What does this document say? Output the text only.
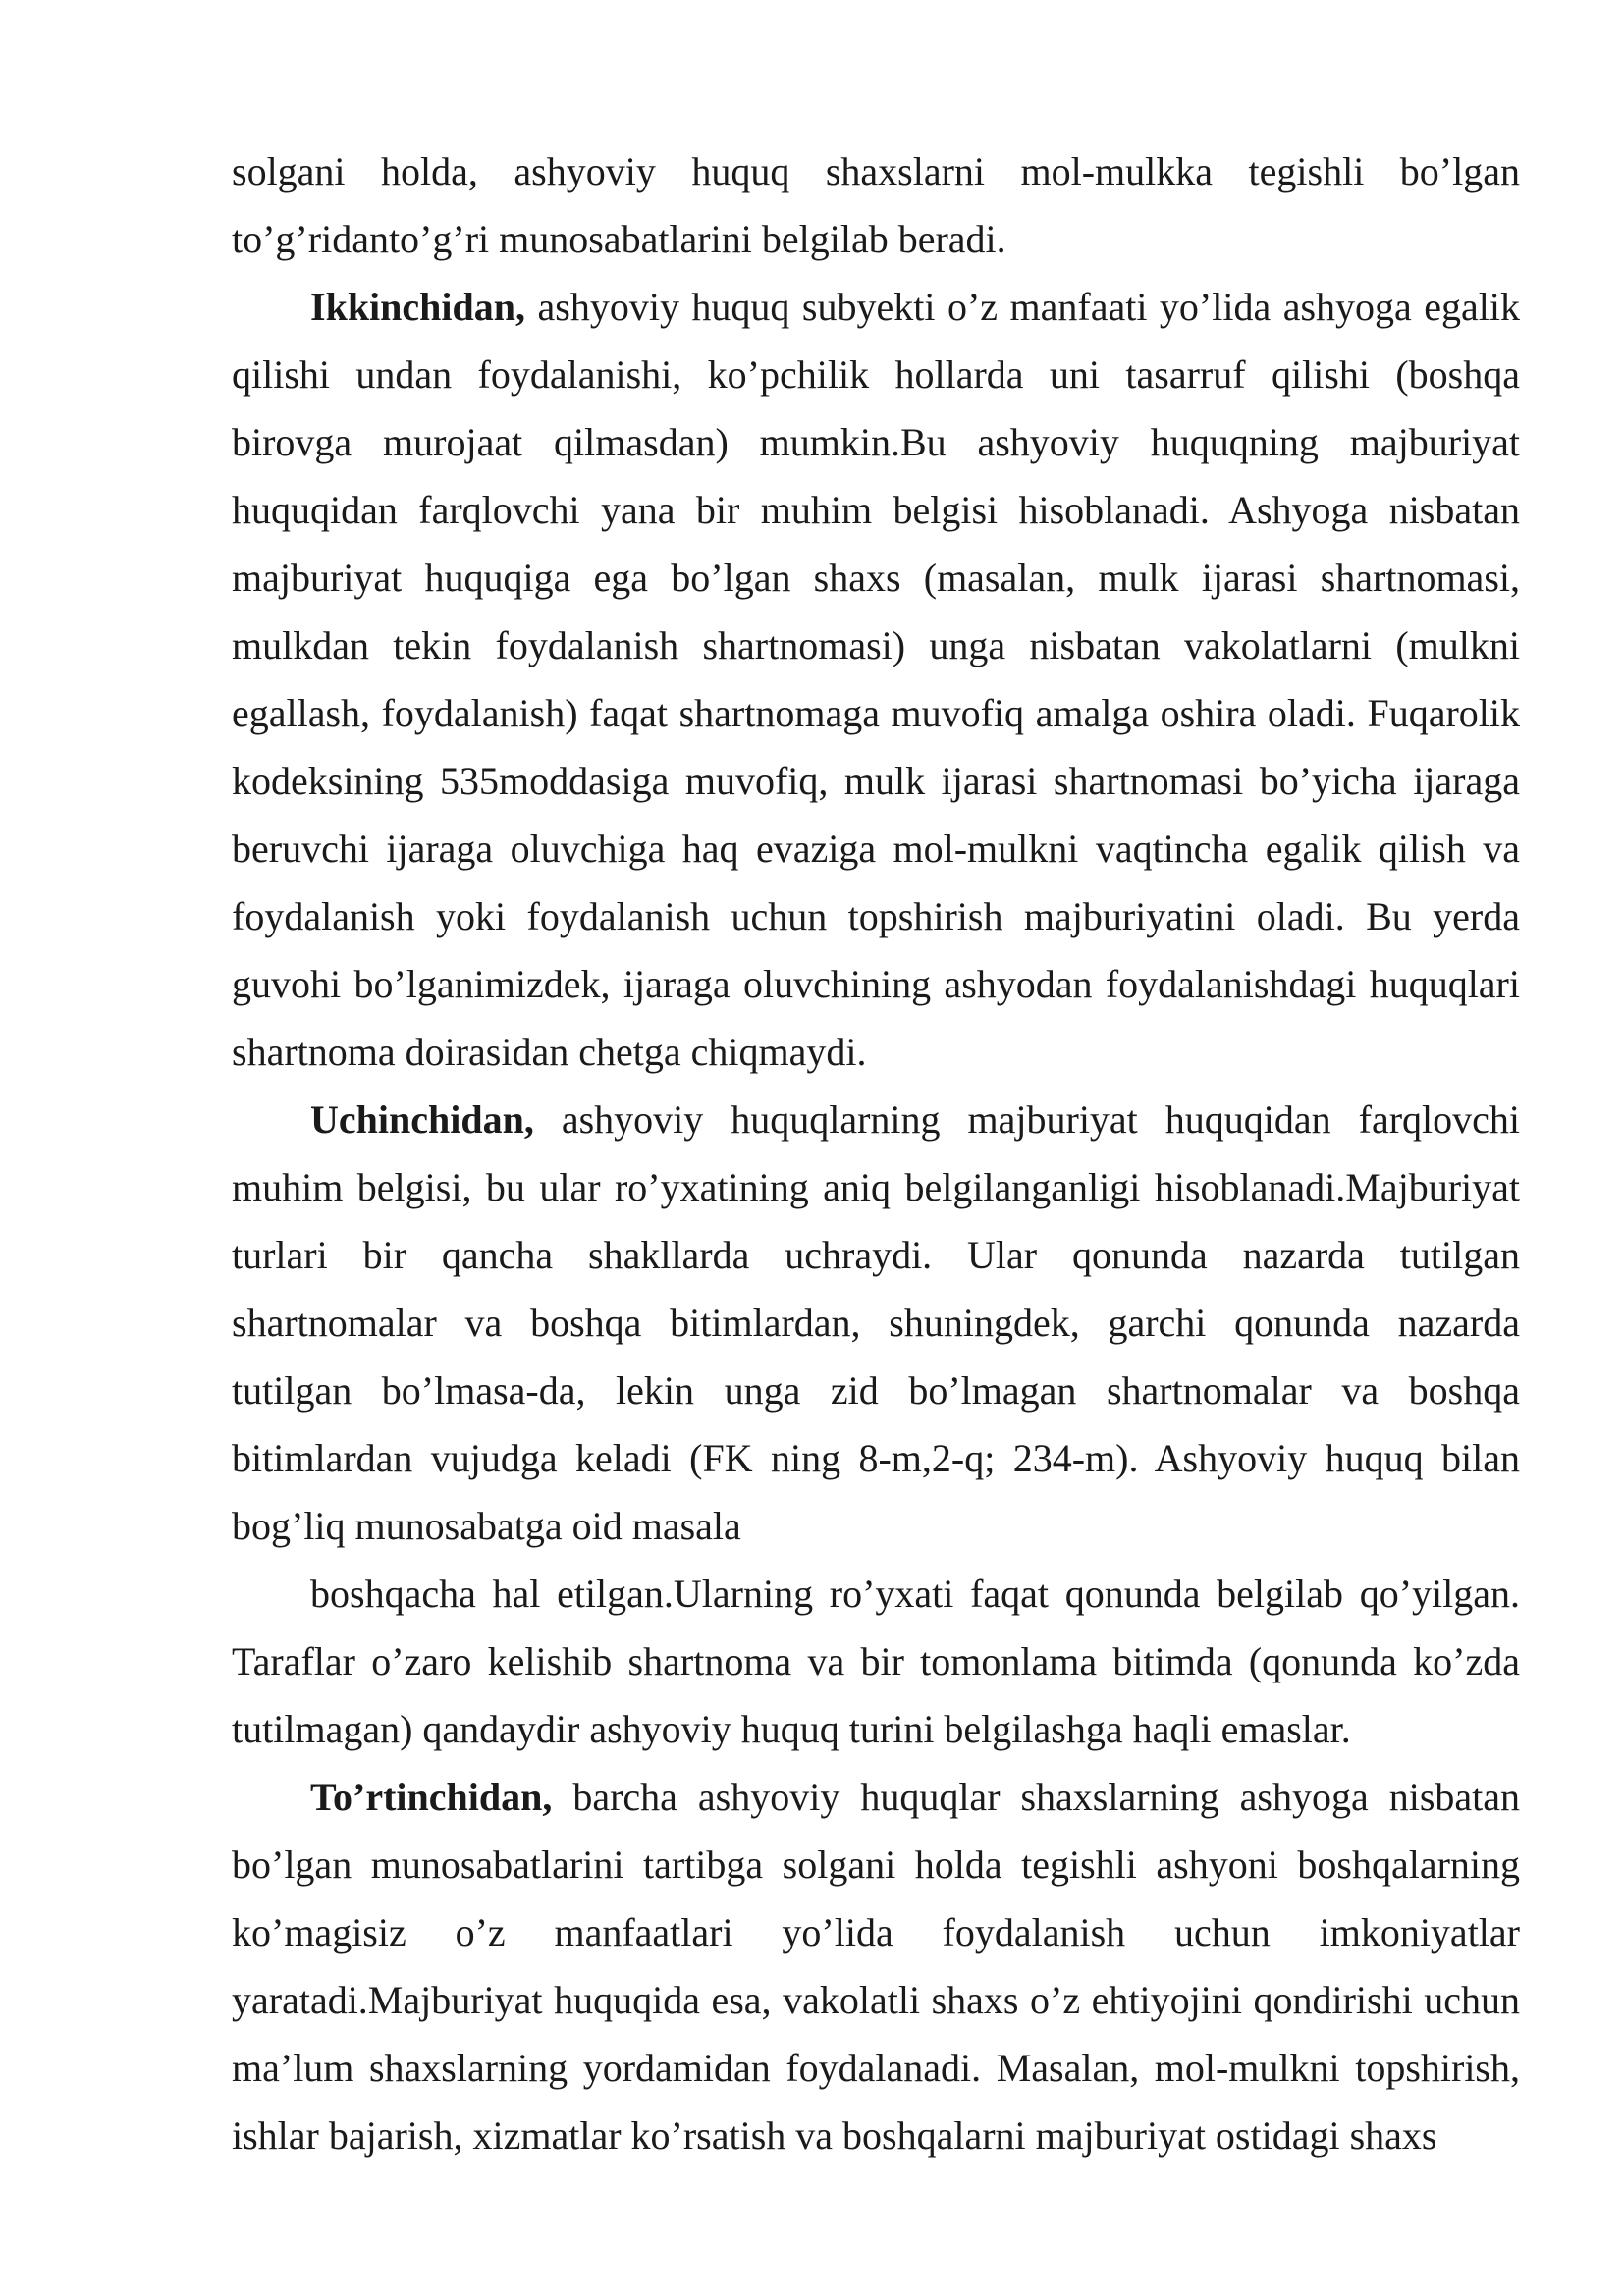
solgani holda, ashyoviy huquq shaxslarni mol-mulkka tegishli bo’lgan to’g’ridanto’g’ri munosabatlarini belgilab beradi.

Ikkinchidan, ashyoviy huquq subyekti o’z manfaati yo’lida ashyoga egalik qilishi undan foydalanishi, ko’pchilik hollarda uni tasarruf qilishi (boshqa birovga murojaat qilmasdan) mumkin.Bu ashyoviy huquqning majburiyat huquqidan farqlovchi yana bir muhim belgisi hisoblanadi. Ashyoga nisbatan majburiyat huquqiga ega bo’lgan shaxs (masalan, mulk ijarasi shartnomasi, mulkdan tekin foydalanish shartnomasi) unga nisbatan vakolatlarni (mulkni egallash, foydalanish) faqat shartnomaga muvofiq amalga oshira oladi. Fuqarolik kodeksining 535moddasiga muvofiq, mulk ijarasi shartnomasi bo’yicha ijaraga beruvchi ijaraga oluvchiga haq evaziga mol-mulkni vaqtincha egalik qilish va foydalanish yoki foydalanish uchun topshirish majburiyatini oladi. Bu yerda guvohi bo’lganimizdek, ijaraga oluvchining ashyodan foydalanishdagi huquqlari shartnoma doirasidan chetga chiqmaydi.

Uchinchidan, ashyoviy huquqlarning majburiyat huquqidan farqlovchi muhim belgisi, bu ular ro’yxatining aniq belgilanganligi hisoblanadi.Majburiyat turlari bir qancha shakllarda uchraydi. Ular qonunda nazarda tutilgan shartnomalar va boshqa bitimlardan, shuningdek, garchi qonunda nazarda tutilgan bo’lmasa-da, lekin unga zid bo’lmagan shartnomalar va boshqa bitimlardan vujudga keladi (FK ning 8-m,2-q; 234-m). Ashyoviy huquq bilan bog’liq munosabatga oid masala
boshqacha hal etilgan.Ularning ro’yxati faqat qonunda belgilab qo’yilgan. Taraflar o’zaro kelishib shartnoma va bir tomonlama bitimda (qonunda ko’zda tutilmagan) qandaydir ashyoviy huquq turini belgilashga haqli emaslar.

To’rtinchidan, barcha ashyoviy huquqlar shaxslarning ashyoga nisbatan bo’lgan munosabatlarini tartibga solgani holda tegishli ashyoni boshqalarning ko’magisiz o’z manfaatlari yo’lida foydalanish uchun imkoniyatlar yaratadi.Majburiyat huquqida esa, vakolatli shaxs o’z ehtiyojini qondirishi uchun ma’lum shaxslarning yordamidan foydalanadi. Masalan, mol-mulkni topshirish, ishlar bajarish, xizmatlar ko’rsatish va boshqalarni majburiyat ostidagi shaxs
